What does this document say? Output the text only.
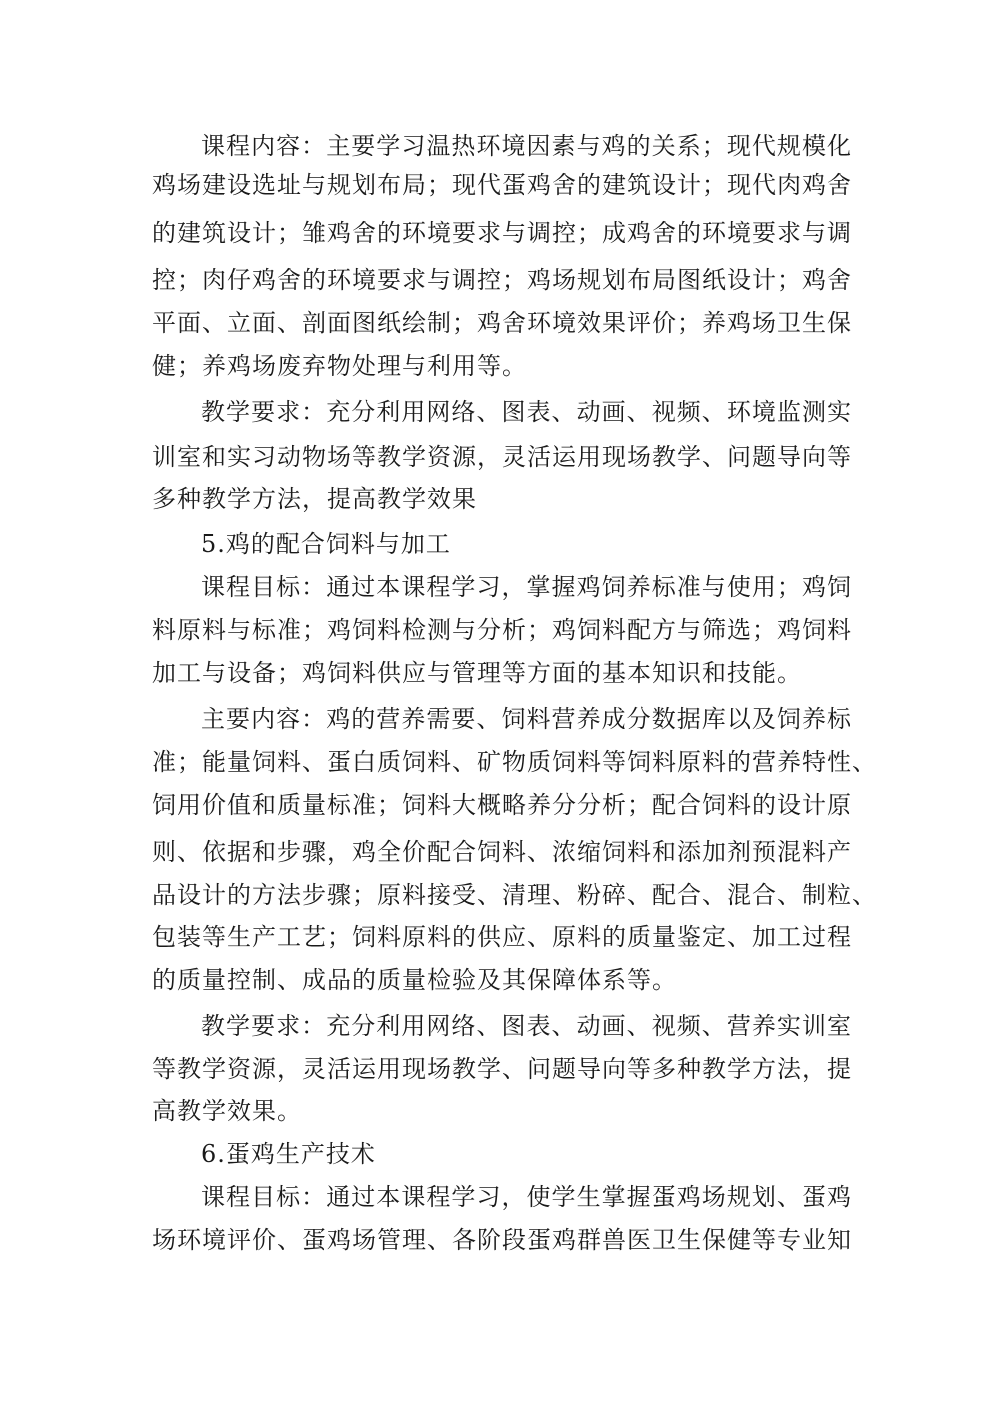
课程内容：主要学习温热环境因素与鸡的关系；现代规模化
鸡场建设选址与规划布局；现代蛋鸡舍的建筑设计；现代肉鸡舍
的建筑设计；雏鸡舍的环境要求与调控；成鸡舍的环境要求与调
控；肉仔鸡舍的环境要求与调控；鸡场规划布局图纸设计；鸡舍
平面、立面、剖面图纸绘制；鸡舍环境效果评价；养鸡场卫生保
健；养鸡场废弃物处理与利用等。
教学要求：充分利用网络、图表、动画、视频、环境监测实
训室和实习动物场等教学资源，灵活运用现场教学、问题导向等
多种教学方法，提高教学效果
5.鸡的配合饲料与加工
课程目标：通过本课程学习，掌握鸡饲养标准与使用；鸡饲
料原料与标准；鸡饲料检测与分析；鸡饲料配方与筛选；鸡饲料
加工与设备；鸡饲料供应与管理等方面的基本知识和技能。
主要内容：鸡的营养需要、饲料营养成分数据库以及饲养标
准；能量饲料、蛋白质饲料、矿物质饲料等饲料原料的营养特性、
饲用价值和质量标准；饲料大概略养分分析；配合饲料的设计原
则、依据和步骤，鸡全价配合饲料、浓缩饲料和添加剂预混料产
品设计的方法步骤；原料接受、清理、粉碎、配合、混合、制粒、
包装等生产工艺；饲料原料的供应、原料的质量鉴定、加工过程
的质量控制、成品的质量检验及其保障体系等。
教学要求：充分利用网络、图表、动画、视频、营养实训室
等教学资源，灵活运用现场教学、问题导向等多种教学方法，提
高教学效果。
6.蛋鸡生产技术
课程目标：通过本课程学习，使学生掌握蛋鸡场规划、蛋鸡
场环境评价、蛋鸡场管理、各阶段蛋鸡群兽医卫生保健等专业知
